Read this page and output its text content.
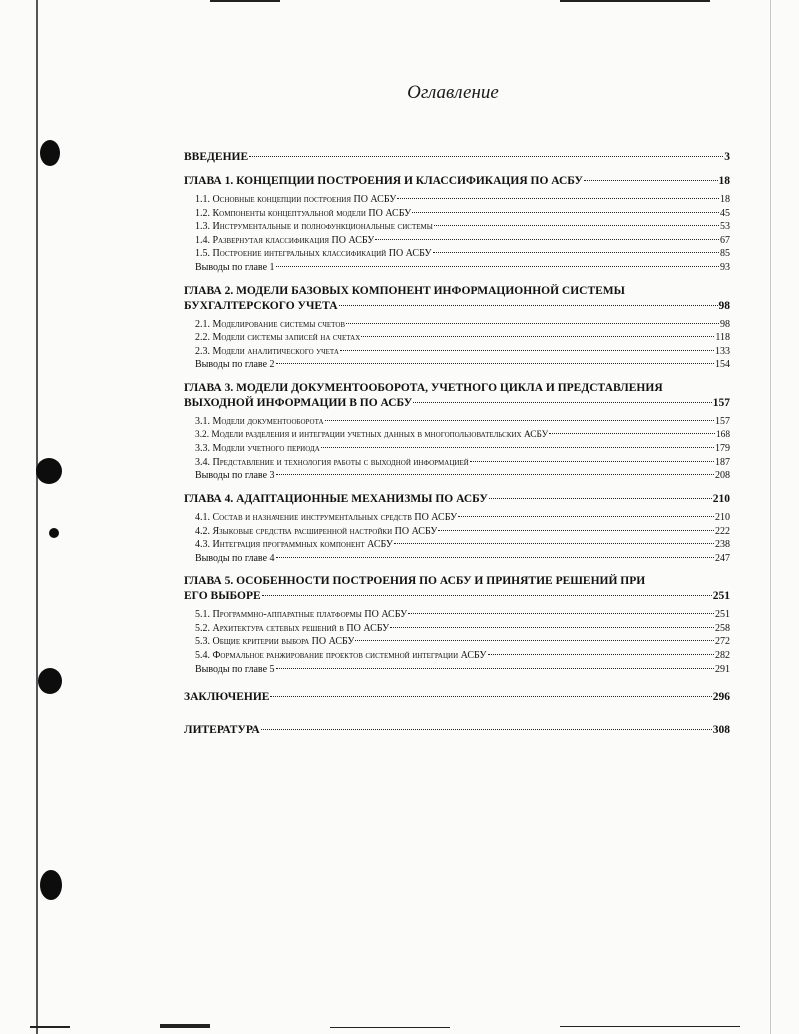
Оглавление
ВВЕДЕНИЕ	3
ГЛАВА 1. КОНЦЕПЦИИ ПОСТРОЕНИЯ И КЛАССИФИКАЦИЯ ПО АСБУ	18
1.1. Основные концепции построения ПО АСБУ	18
1.2. Компоненты концептуальной модели ПО АСБУ	45
1.3. Инструментальные и полнофункциональные системы	53
1.4. Развернутая классификация ПО АСБУ	67
1.5. Построение интегральных классификаций ПО АСБУ	85
Выводы по главе 1	93
ГЛАВА 2. МОДЕЛИ БАЗОВЫХ КОМПОНЕНТ ИНФОРМАЦИОННОЙ СИСТЕМЫ
БУХГАЛТЕРСКОГО УЧЕТА	98
2.1. Моделирование системы счетов	98
2.2. Модели системы записей на счетах	118
2.3. Модели аналитического учета	133
Выводы по главе 2	154
ГЛАВА 3. МОДЕЛИ ДОКУМЕНТООБОРОТА, УЧЕТНОГО ЦИКЛА И ПРЕДСТАВЛЕНИЯ
ВЫХОДНОЙ ИНФОРМАЦИИ В ПО АСБУ	157
3.1. Модели документооборота	157
3.2. Модели разделения и интеграции учетных данных в многопользовательских АСБУ	168
3.3. Модели учетного периода	179
3.4. Представление и технология работы с выходной информацией	187
Выводы по главе 3	208
ГЛАВА 4. АДАПТАЦИОННЫЕ МЕХАНИЗМЫ ПО АСБУ	210
4.1. Состав и назначение инструментальных средств ПО АСБУ	210
4.2. Языковые средства расширенной настройки ПО АСБУ	222
4.3. Интеграция программных компонент АСБУ	238
Выводы по главе 4	247
ГЛАВА 5. ОСОБЕННОСТИ ПОСТРОЕНИЯ ПО АСБУ И ПРИНЯТИЕ РЕШЕНИЙ ПРИ
ЕГО ВЫБОРЕ	251
5.1. Программно-аппаратные платформы ПО АСБУ	251
5.2. Архитектура сетевых решений в ПО АСБУ	258
5.3. Общие критерии выбора ПО АСБУ	272
5.4. Формальное ранжирование проектов системной интеграции АСБУ	282
Выводы по главе 5	291
ЗАКЛЮЧЕНИЕ	296
ЛИТЕРАТУРА	308
